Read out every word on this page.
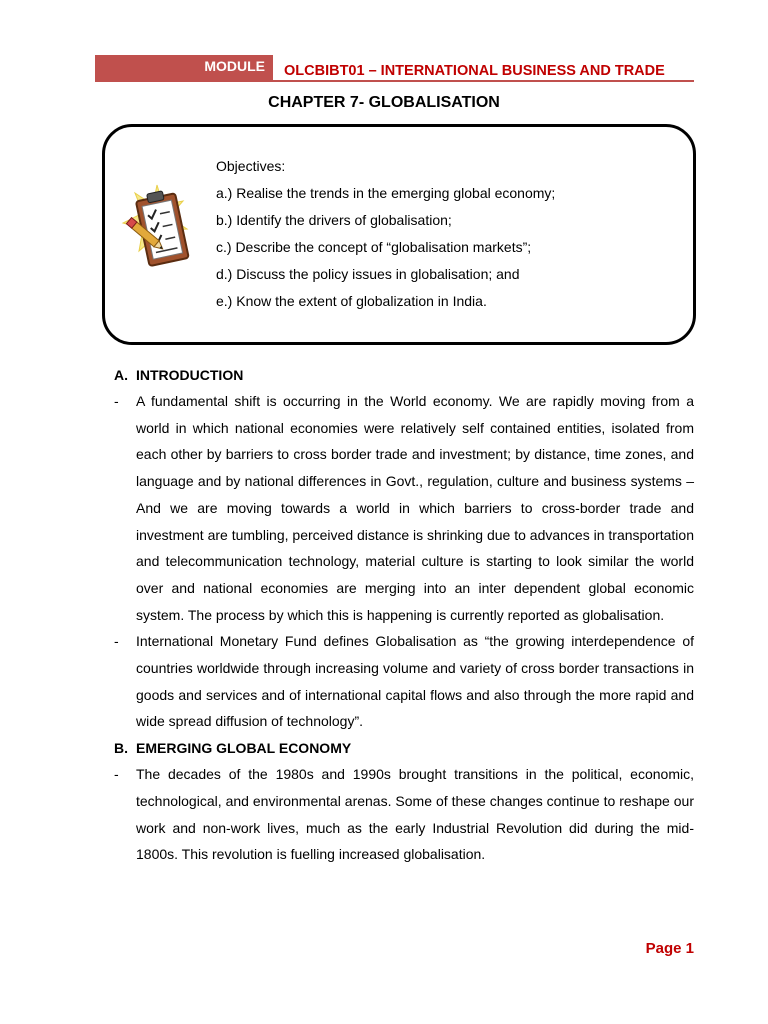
MODULE	OLCBIBT01 – INTERNATIONAL BUSINESS AND TRADE
CHAPTER 7- GLOBALISATION
Objectives:
a.) Realise the trends in the emerging global economy;
b.) Identify the drivers of globalisation;
c.) Describe the concept of “globalisation markets”;
d.) Discuss the policy issues in globalisation; and
e.) Know the extent of globalization in India.
A. INTRODUCTION
- A fundamental shift is occurring in the World economy. We are rapidly moving from a world in which national economies were relatively self contained entities, isolated from each other by barriers to cross border trade and investment; by distance, time zones, and language and by national differences in Govt., regulation, culture and business systems –And we are moving towards a world in which barriers to cross-border trade and investment are tumbling, perceived distance is shrinking due to advances in transportation and telecommunication technology, material culture is starting to look similar the world over and national economies are merging into an inter dependent global economic system. The process by which this is happening is currently reported as globalisation.
- International Monetary Fund defines Globalisation as “the growing interdependence of countries worldwide through increasing volume and variety of cross border transactions in goods and services and of international capital flows and also through the more rapid and wide spread diffusion of technology”.
B. EMERGING GLOBAL ECONOMY
- The decades of the 1980s and 1990s brought transitions in the political, economic, technological, and environmental arenas. Some of these changes continue to reshape our work and non-work lives, much as the early Industrial Revolution did during the mid-1800s. This revolution is fuelling increased globalisation.
Page 1
